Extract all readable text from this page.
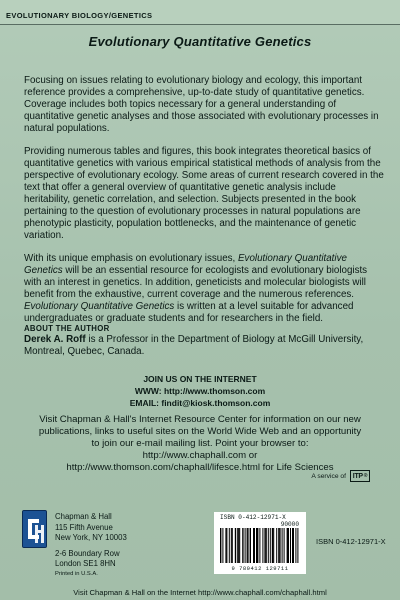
EVOLUTIONARY BIOLOGY/GENETICS
Evolutionary Quantitative Genetics

Focusing on issues relating to evolutionary biology and ecology, this important reference provides a comprehensive, up-to-date study of quantitative genetics. Coverage includes both topics necessary for a general understanding of quantitative genetic analyses and those associated with evolutionary processes in natural populations.

Providing numerous tables and figures, this book integrates theoretical basics of quantitative genetics with various empirical statistical methods of analysis from the perspective of evolutionary ecology. Some areas of current research covered in the text that offer a general overview of quantitative genetic analysis include heritability, genetic correlation, and selection. Subjects presented in the book pertaining to the question of evolutionary processes in natural populations are phenotypic plasticity, population bottlenecks, and the maintenance of genetic variation.

With its unique emphasis on evolutionary issues, Evolutionary Quantitative Genetics will be an essential resource for ecologists and evolutionary biologists with an interest in genetics. In addition, geneticists and molecular biologists will benefit from the exhaustive, current coverage and the numerous references. Evolutionary Quantitative Genetics is written at a level suitable for advanced undergraduates or graduate students and for researchers in the field.

ABOUT THE AUTHOR
Derek A. Roff is a Professor in the Department of Biology at McGill University, Montreal, Quebec, Canada.
JOIN US ON THE INTERNET
WWW: http://www.thomson.com
EMAIL: findit@kiosk.thomson.com
Visit Chapman & Hall's Internet Resource Center for information on our new
publications, links to useful sites on the World Wide Web and an opportunity
to join our e-mail mailing list. Point your browser to:
http://www.chaphall.com or
http://www.thomson.com/chaphall/lifesce.html for Life Sciences
A service of ITP ®
Chapman & Hall
115 Fifth Avenue
New York, NY 10003
2-6 Boundary Row
London SE1 8HN
Printed in U.S.A.
ISBN 0-412-12971-X
90000
9 780412 129711
ISBN 0-412-12971-X
Visit Chapman & Hall on the Internet http://www.chaphall.com/chaphall.html
